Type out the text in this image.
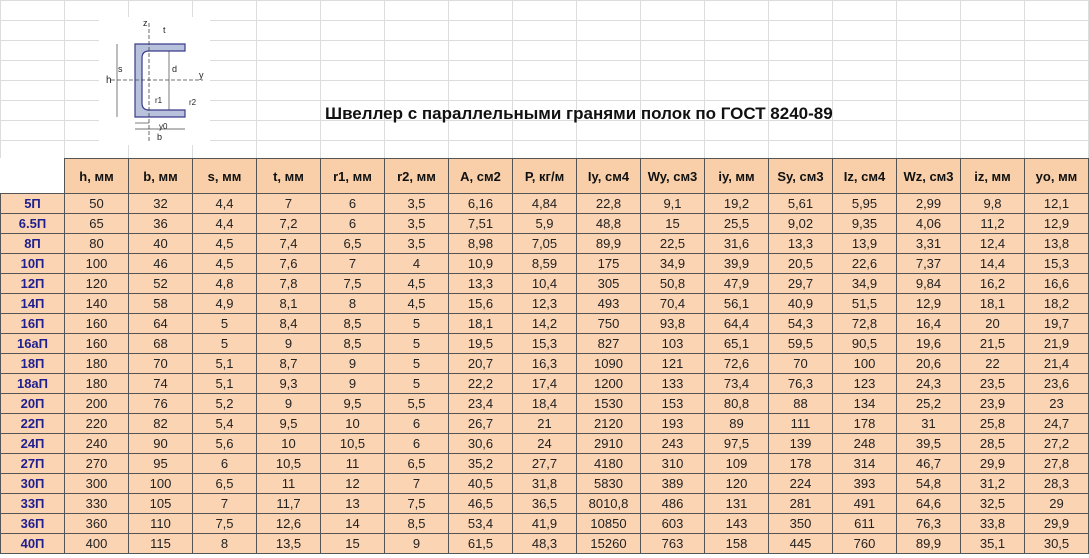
z
t
h
s	d
y
r1	r2
y0
b
Швеллер с параллельными гранями полок по ГОСТ 8240-89
	h, мм	b, мм	s, мм	t, мм	r1, мм	r2, мм	A, см2	P, кг/м	Iy, см4	Wy, см3	iy, мм	Sy, см3	Iz, см4	Wz, см3	iz, мм	yo, мм
5П	50	32	4,4	7	6	3,5	6,16	4,84	22,8	9,1	19,2	5,61	5,95	2,99	9,8	12,1
6.5П	65	36	4,4	7,2	6	3,5	7,51	5,9	48,8	15	25,5	9,02	9,35	4,06	11,2	12,9
8П	80	40	4,5	7,4	6,5	3,5	8,98	7,05	89,9	22,5	31,6	13,3	13,9	3,31	12,4	13,8
10П	100	46	4,5	7,6	7	4	10,9	8,59	175	34,9	39,9	20,5	22,6	7,37	14,4	15,3
12П	120	52	4,8	7,8	7,5	4,5	13,3	10,4	305	50,8	47,9	29,7	34,9	9,84	16,2	16,6
14П	140	58	4,9	8,1	8	4,5	15,6	12,3	493	70,4	56,1	40,9	51,5	12,9	18,1	18,2
16П	160	64	5	8,4	8,5	5	18,1	14,2	750	93,8	64,4	54,3	72,8	16,4	20	19,7
16аП	160	68	5	9	8,5	5	19,5	15,3	827	103	65,1	59,5	90,5	19,6	21,5	21,9
18П	180	70	5,1	8,7	9	5	20,7	16,3	1090	121	72,6	70	100	20,6	22	21,4
18аП	180	74	5,1	9,3	9	5	22,2	17,4	1200	133	73,4	76,3	123	24,3	23,5	23,6
20П	200	76	5,2	9	9,5	5,5	23,4	18,4	1530	153	80,8	88	134	25,2	23,9	23
22П	220	82	5,4	9,5	10	6	26,7	21	2120	193	89	111	178	31	25,8	24,7
24П	240	90	5,6	10	10,5	6	30,6	24	2910	243	97,5	139	248	39,5	28,5	27,2
27П	270	95	6	10,5	11	6,5	35,2	27,7	4180	310	109	178	314	46,7	29,9	27,8
30П	300	100	6,5	11	12	7	40,5	31,8	5830	389	120	224	393	54,8	31,2	28,3
33П	330	105	7	11,7	13	7,5	46,5	36,5	8010,8	486	131	281	491	64,6	32,5	29
36П	360	110	7,5	12,6	14	8,5	53,4	41,9	10850	603	143	350	611	76,3	33,8	29,9
40П	400	115	8	13,5	15	9	61,5	48,3	15260	763	158	445	760	89,9	35,1	30,5
